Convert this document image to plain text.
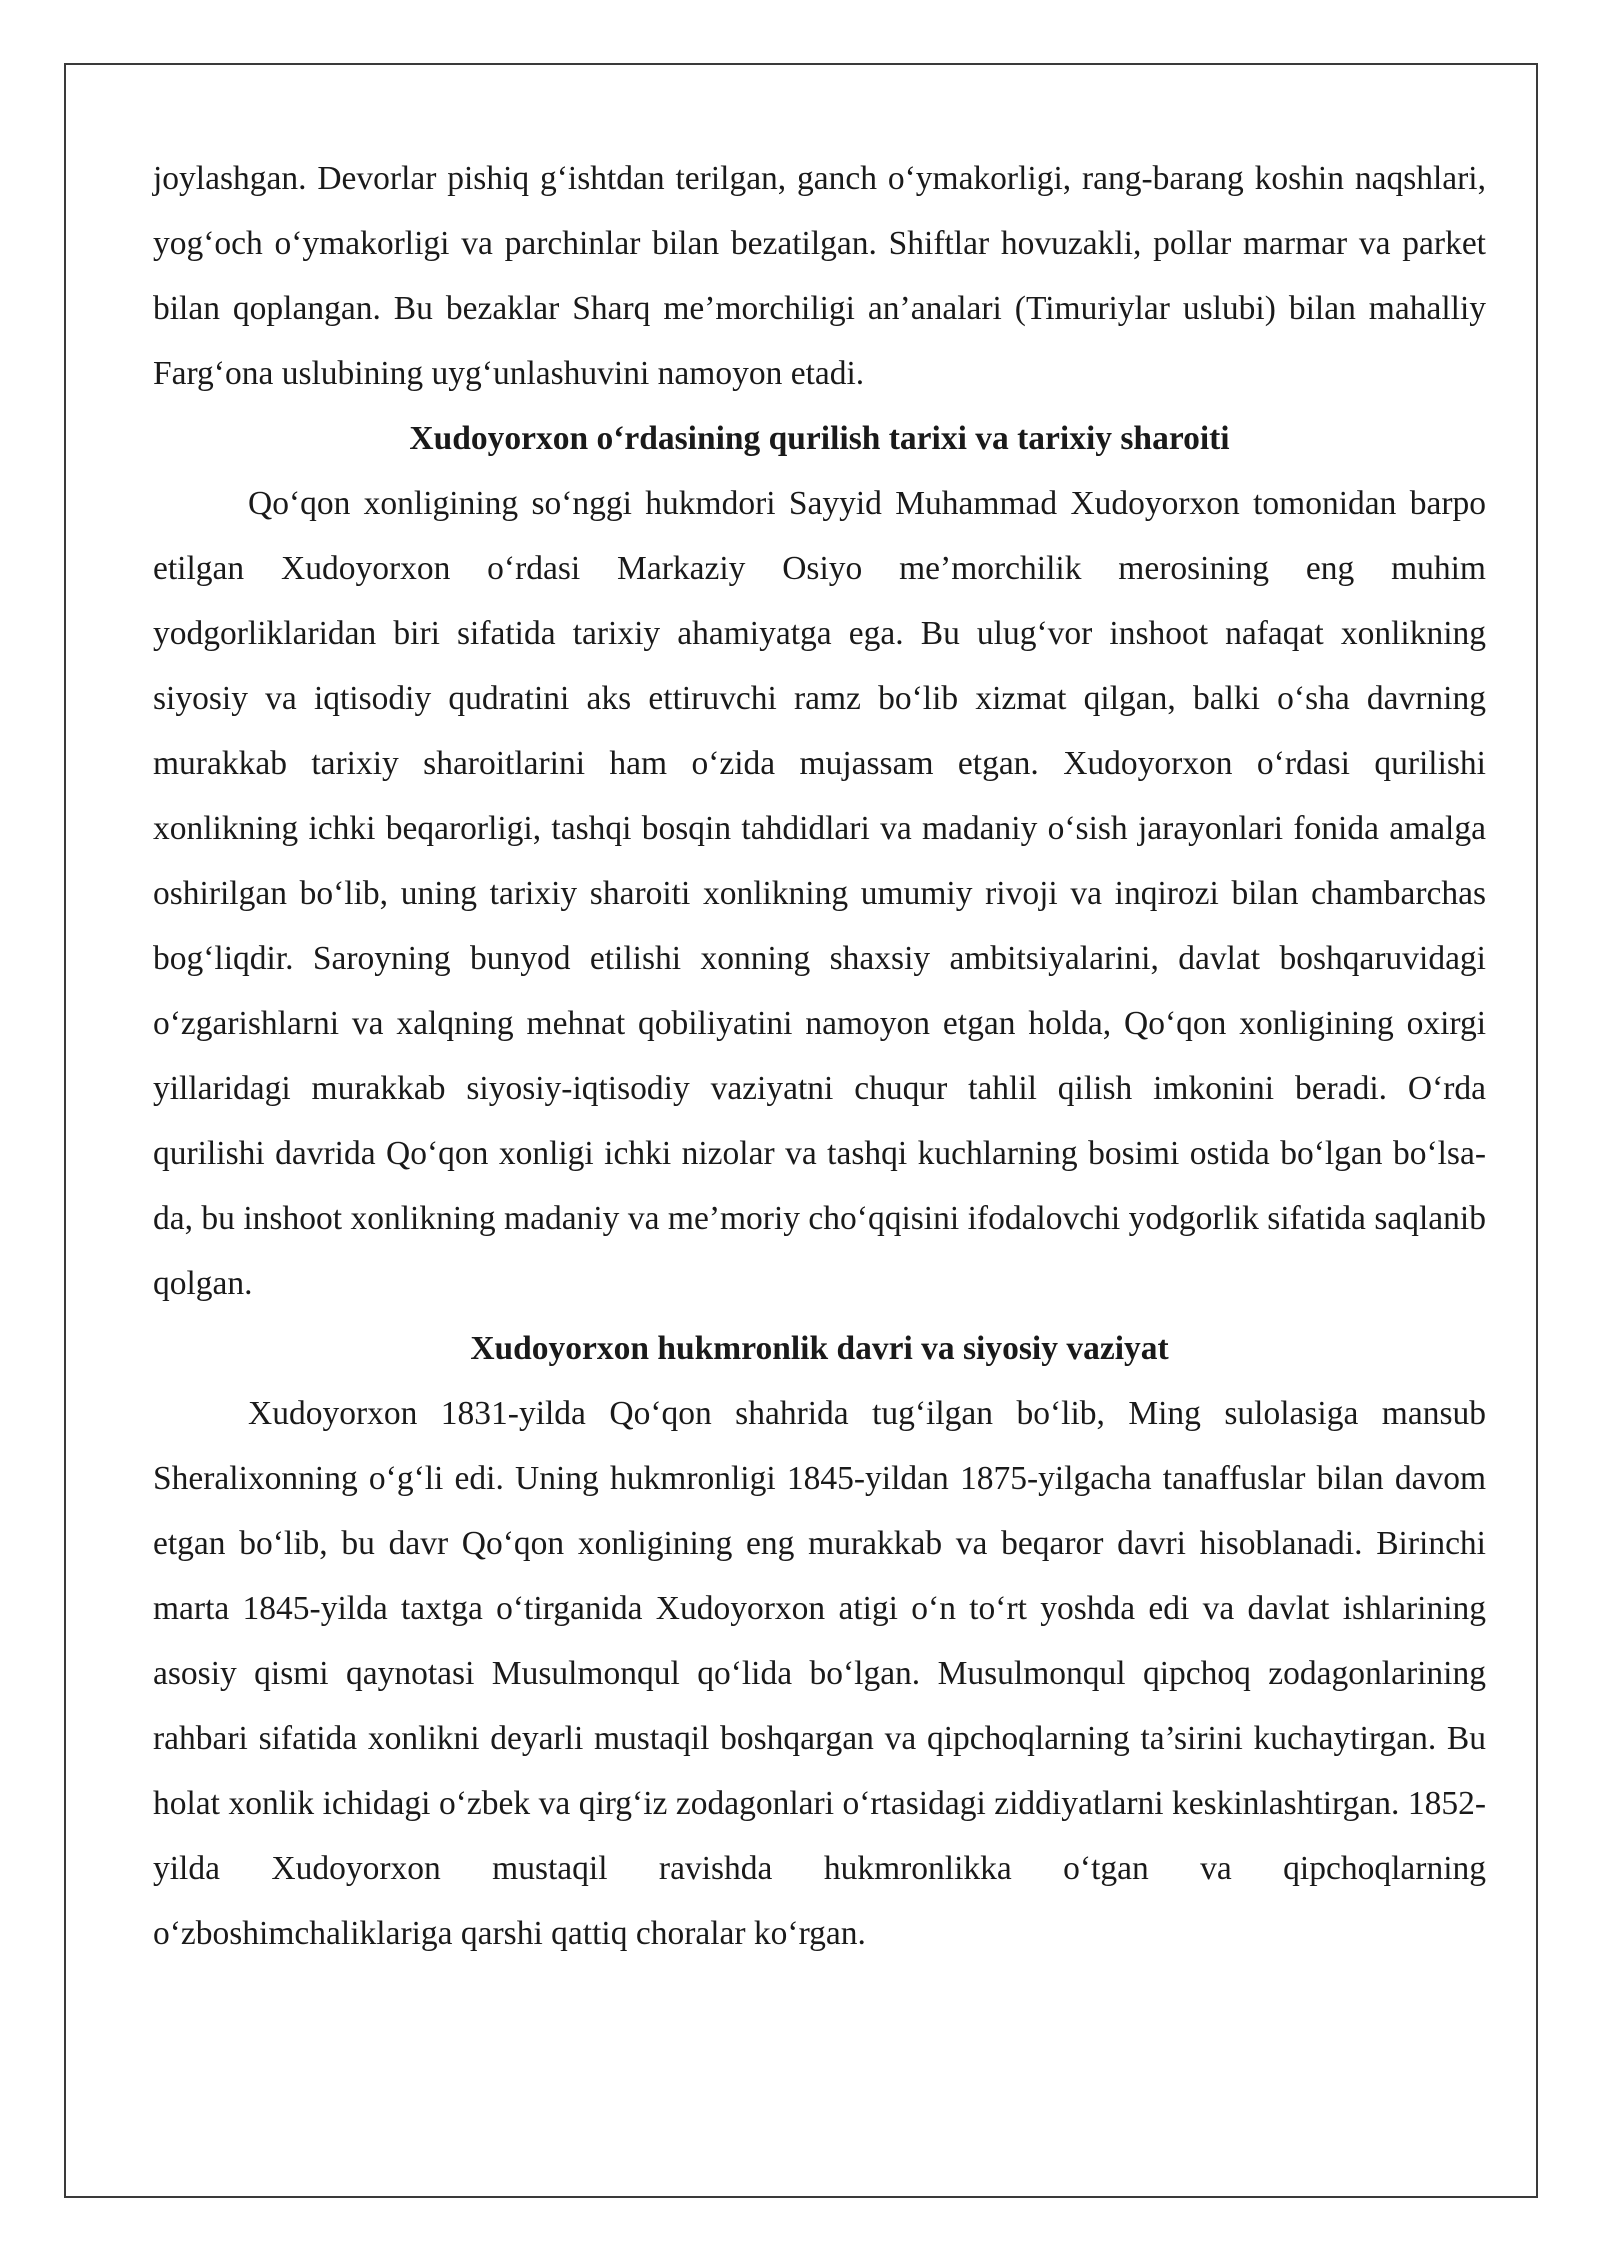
joylashgan. Devorlar pishiq g‘ishtdan terilgan, ganch o‘ymakorligi, rang-barang koshin naqshlari, yog‘och o‘ymakorligi va parchinlar bilan bezatilgan. Shiftlar hovuzakli, pollar marmar va parket bilan qoplangan. Bu bezaklar Sharq me’morchiligi an’analari (Timuriylar uslubi) bilan mahalliy Farg‘ona uslubining uyg‘unlashuvini namoyon etadi.

Xudoyorxon o‘rdasining qurilish tarixi va tarixiy sharoiti

Qo‘qon xonligining so‘nggi hukmdori Sayyid Muhammad Xudoyorxon tomonidan barpo etilgan Xudoyorxon o‘rdasi Markaziy Osiyo me’morchilik merosining eng muhim yodgorliklaridan biri sifatida tarixiy ahamiyatga ega. Bu ulug‘vor inshoot nafaqat xonlikning siyosiy va iqtisodiy qudratini aks ettiruvchi ramz bo‘lib xizmat qilgan, balki o‘sha davrning murakkab tarixiy sharoitlarini ham o‘zida mujassam etgan. Xudoyorxon o‘rdasi qurilishi xonlikning ichki beqarorligi, tashqi bosqin tahdidlari va madaniy o‘sish jarayonlari fonida amalga oshirilgan bo‘lib, uning tarixiy sharoiti xonlikning umumiy rivoji va inqirozi bilan chambarchas bog‘liqdir. Saroyning bunyod etilishi xonning shaxsiy ambitsiyalarini, davlat boshqaruvidagi o‘zgarishlarni va xalqning mehnat qobiliyatini namoyon etgan holda, Qo‘qon xonligining oxirgi yillaridagi murakkab siyosiy-iqtisodiy vaziyatni chuqur tahlil qilish imkonini beradi. O‘rda qurilishi davrida Qo‘qon xonligi ichki nizolar va tashqi kuchlarning bosimi ostida bo‘lgan bo‘lsa-da, bu inshoot xonlikning madaniy va me’moriy cho‘qqisini ifodalovchi yodgorlik sifatida saqlanib qolgan.

Xudoyorxon hukmronlik davri va siyosiy vaziyat

Xudoyorxon 1831-yilda Qo‘qon shahrida tug‘ilgan bo‘lib, Ming sulolasiga mansub Sheralixonning o‘g‘li edi. Uning hukmronligi 1845-yildan 1875-yilgacha tanaffuslar bilan davom etgan bo‘lib, bu davr Qo‘qon xonligining eng murakkab va beqaror davri hisoblanadi. Birinchi marta 1845-yilda taxtga o‘tirganida Xudoyorxon atigi o‘n to‘rt yoshda edi va davlat ishlarining asosiy qismi qaynotasi Musulmonqul qo‘lida bo‘lgan. Musulmonqul qipchoq zodagonlarining rahbari sifatida xonlikni deyarli mustaqil boshqargan va qipchoqlarning ta’sirini kuchaytirgan. Bu holat xonlik ichidagi o‘zbek va qirg‘iz zodagonlari o‘rtasidagi ziddiyatlarni keskinlashtirgan. 1852-yilda Xudoyorxon mustaqil ravishda hukmronlikka o‘tgan va qipchoqlarning o‘zboshimchaliklariga qarshi qattiq choralar ko‘rgan.
